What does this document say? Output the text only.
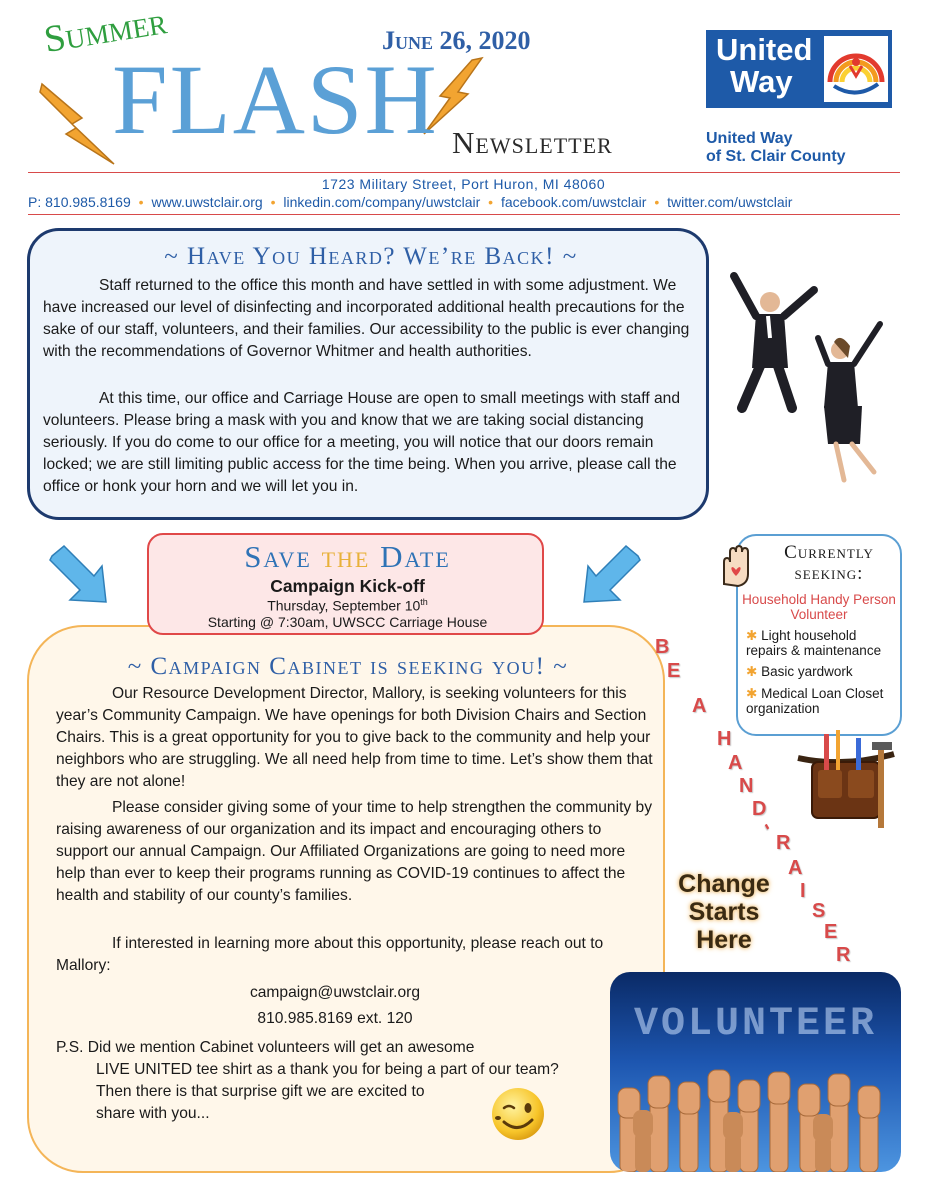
Summer
FLASH
June 26, 2020
Newsletter
United
Way
United Way
of St. Clair County
1723 Military Street, Port Huron, MI 48060
P: 810.985.8169 • www.uwstclair.org • linkedin.com/company/uwstclair • facebook.com/uwstclair • twitter.com/uwstclair
~ Have You Heard? We’re Back! ~
Staff returned to the office this month and have settled in with some adjustment. We have increased our level of disinfecting and incorporated additional health precautions for the sake of our staff, volunteers, and their families. Our accessibility to the public is ever changing with the recommendations of Governor Whitmer and health authorities.
At this time, our office and Carriage House are open to small meetings with staff and volunteers. Please bring a mask with you and know that we are taking social distancing seriously. If you do come to our office for a meeting, you will notice that our doors remain locked; we are still limiting public access for the time being. When you arrive, please call the office or honk your horn and we will let you in.
~ Campaign Cabinet is seeking you! ~
Our Resource Development Director, Mallory, is seeking volunteers for this year’s Community Campaign. We have openings for both Division Chairs and Section Chairs. This is a great opportunity for you to give back to the community and help your neighbors who are struggling. We all need help from time to time. Let’s show them that they are not alone!
Please consider giving some of your time to help strengthen the community by raising awareness of our organization and its impact and encouraging others to support our annual Campaign. Our Affiliated Organizations are going to need more help than ever to keep their programs running as COVID-19 continues to affect the health and stability of our county’s families.
If interested in learning more about this opportunity, please reach out to Mallory:
campaign@uwstclair.org
810.985.8169 ext. 120
P.S. Did we mention Cabinet volunteers will get an awesome
LIVE UNITED tee shirt as a thank you for being a part of our team?
Then there is that surprise gift we are excited to
share with you...
Save the Date
Campaign Kick-off
Thursday, September 10th
Starting @ 7:30am, UWSCC Carriage House
Currently seeking:
Household Handy Person Volunteer
✱ Light household repairs & maintenance
✱ Basic yardwork
✱ Medical Loan Closet organization
B
E
A
H
A
N
D
-
R
A
I
S
E
R
Change
Starts
Here
VOLUNTEER
